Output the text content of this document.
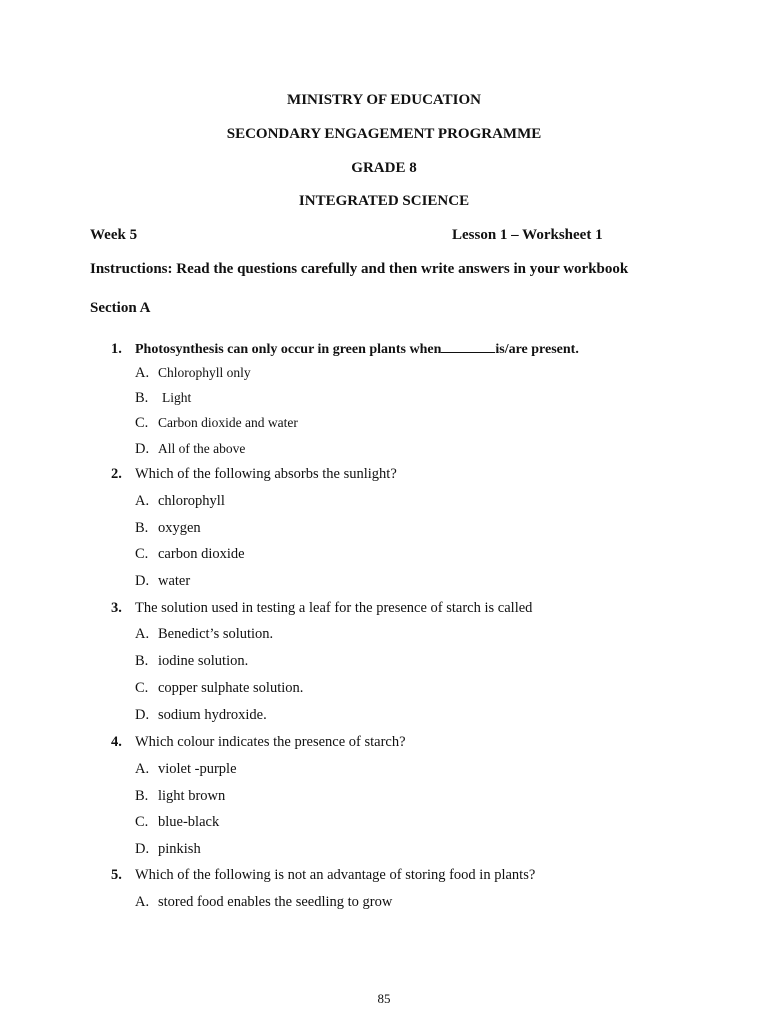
MINISTRY OF EDUCATION
SECONDARY ENGAGEMENT PROGRAMME
GRADE 8
INTEGRATED SCIENCE
Week 5	Lesson 1 – Worksheet 1
Instructions: Read the questions carefully and then write answers in your workbook
Section A
1. Photosynthesis can only occur in green plants when	is/are present.
A. Chlorophyll only
B. Light
C. Carbon dioxide and water
D. All of the above
2. Which of the following absorbs the sunlight?
A. chlorophyll
B. oxygen
C. carbon dioxide
D. water
3. The solution used in testing a leaf for the presence of starch is called
A. Benedict’s solution.
B. iodine solution.
C. copper sulphate solution.
D. sodium hydroxide.
4. Which colour indicates the presence of starch?
A. violet -purple
B. light brown
C. blue-black
D. pinkish
5. Which of the following is not an advantage of storing food in plants?
A. stored food enables the seedling to grow
85
